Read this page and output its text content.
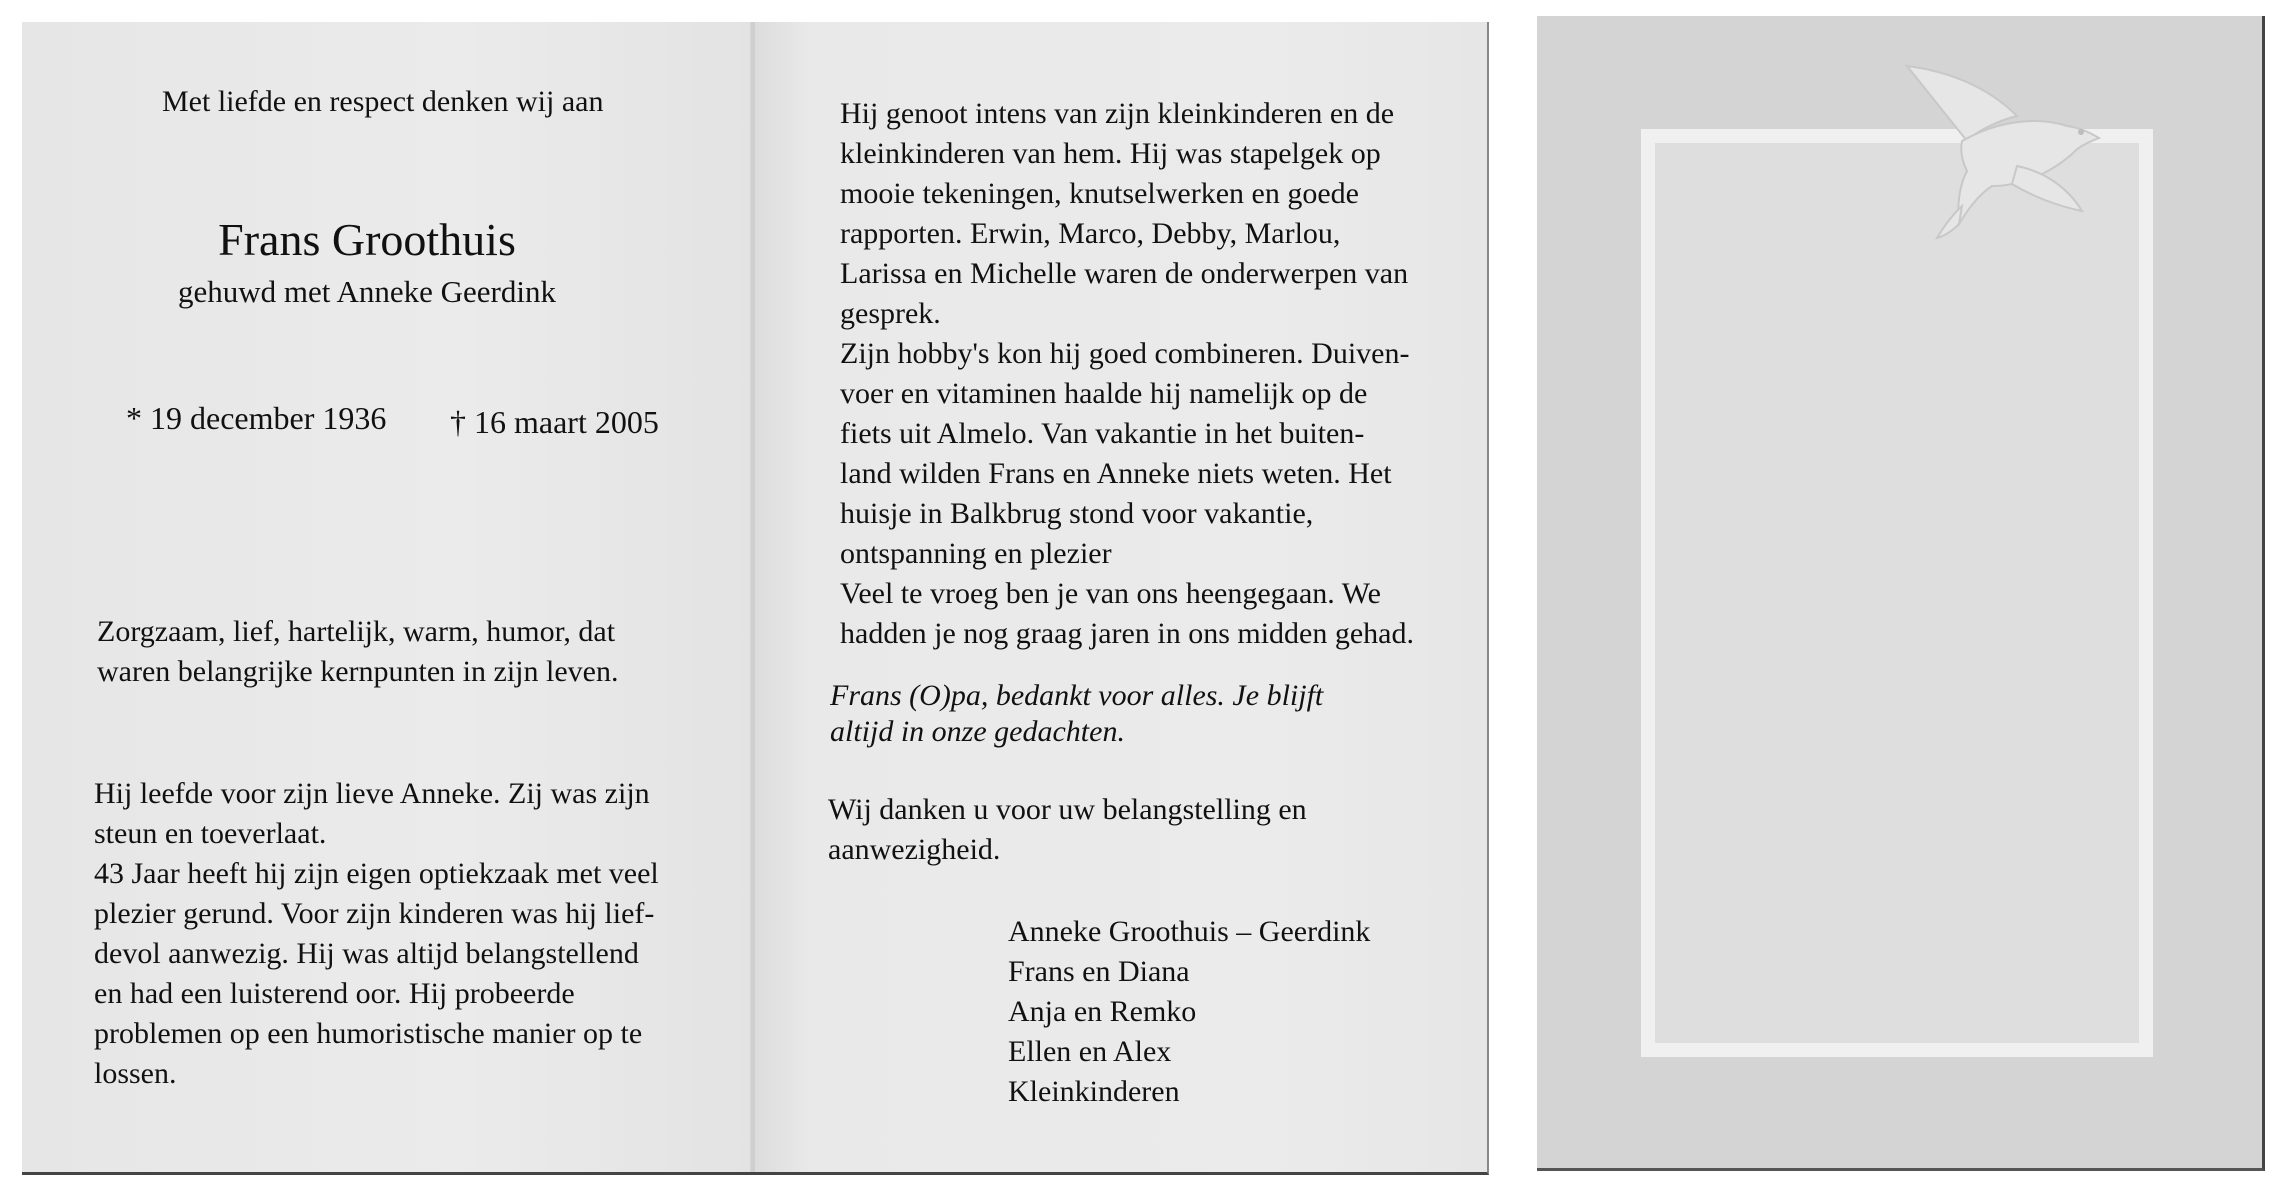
Met liefde en respect denken wij aan
Frans Groothuis
gehuwd met Anneke Geerdink
* 19 december 1936 † 16 maart 2005
Zorgzaam, lief, hartelijk, warm, humor, dat
waren belangrijke kernpunten in zijn leven.
Hij leefde voor zijn lieve Anneke. Zij was zijn
steun en toeverlaat.
43 Jaar heeft hij zijn eigen optiekzaak met veel
plezier gerund. Voor zijn kinderen was hij lief-
devol aanwezig. Hij was altijd belangstellend
en had een luisterend oor. Hij probeerde
problemen op een humoristische manier op te
lossen.
Hij genoot intens van zijn kleinkinderen en de
kleinkinderen van hem. Hij was stapelgek op
mooie tekeningen, knutselwerken en goede
rapporten. Erwin, Marco, Debby, Marlou,
Larissa en Michelle waren de onderwerpen van
gesprek.
Zijn hobby's kon hij goed combineren. Duiven-
voer en vitaminen haalde hij namelijk op de
fiets uit Almelo. Van vakantie in het buiten-
land wilden Frans en Anneke niets weten. Het
huisje in Balkbrug stond voor vakantie,
ontspanning en plezier
Veel te vroeg ben je van ons heengegaan. We
hadden je nog graag jaren in ons midden gehad.
Frans (O)pa, bedankt voor alles. Je blijft
altijd in onze gedachten.
Wij danken u voor uw belangstelling en
aanwezigheid.
Anneke Groothuis – Geerdink
Frans en Diana
Anja en Remko
Ellen en Alex
Kleinkinderen
